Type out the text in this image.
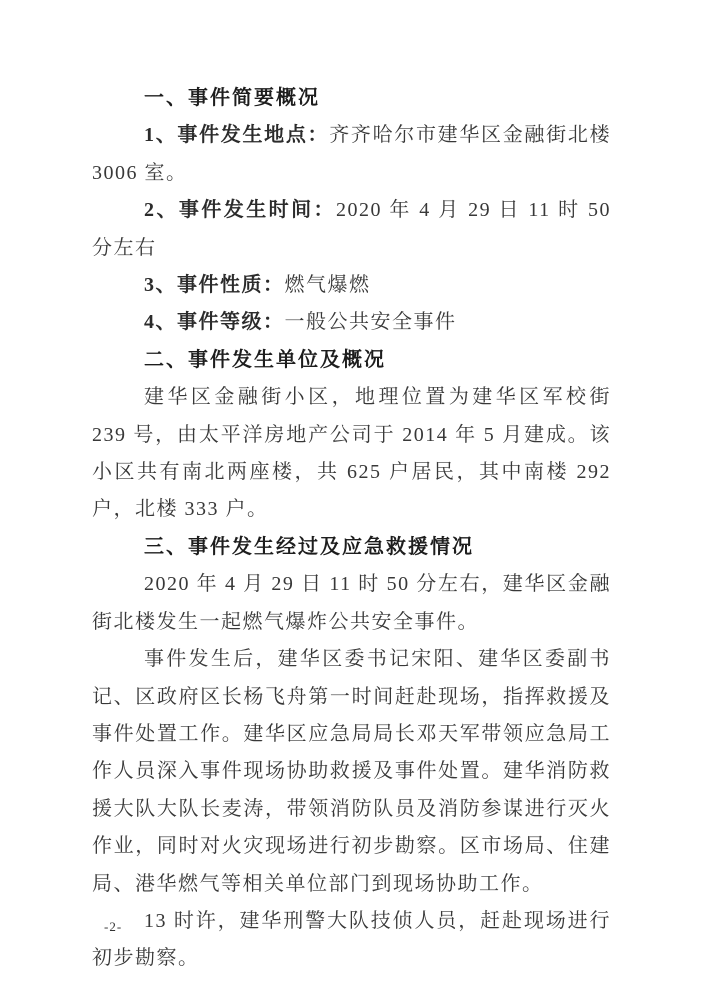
一、事件简要概况

1、事件发生地点：齐齐哈尔市建华区金融街北楼 3006 室。

2、事件发生时间：2020 年 4 月 29 日 11 时 50 分左右

3、事件性质：燃气爆燃

4、事件等级：一般公共安全事件

二、事件发生单位及概况

建华区金融街小区，地理位置为建华区军校街 239 号，由太平洋房地产公司于 2014 年 5 月建成。该小区共有南北两座楼，共 625 户居民，其中南楼 292 户，北楼 333 户。

三、事件发生经过及应急救援情况

2020 年 4 月 29 日 11 时 50 分左右，建华区金融街北楼发生一起燃气爆炸公共安全事件。

事件发生后，建华区委书记宋阳、建华区委副书记、区政府区长杨飞舟第一时间赶赴现场，指挥救援及事件处置工作。建华区应急局局长邓天军带领应急局工作人员深入事件现场协助救援及事件处置。建华消防救援大队大队长麦涛，带领消防队员及消防参谋进行灭火作业，同时对火灾现场进行初步勘察。区市场局、住建局、港华燃气等相关单位部门到现场协助工作。

13 时许，建华刑警大队技侦人员，赶赴现场进行初步勘察。

-2-
